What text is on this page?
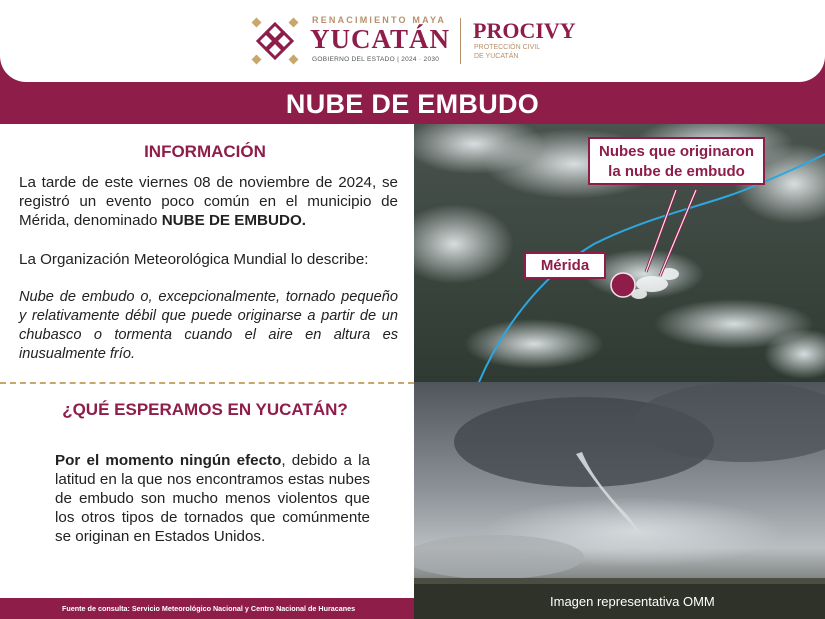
RENACIMIENTO MAYA
YUCATÁN
GOBIERNO DEL ESTADO | 2024 · 2030
PROCIVY
PROTECCIÓN CIVIL
DE YUCATÁN
NUBE DE EMBUDO
INFORMACIÓN
La tarde de este viernes 08 de noviembre de 2024, se registró un evento poco común en el municipio de Mérida, denominado NUBE DE EMBUDO.
La Organización Meteorológica Mundial lo describe:
Nube de embudo o, excepcionalmente, tornado pequeño y relativamente débil que puede originarse a partir de un chubasco o tormenta cuando el aire en altura es inusualmente frío.
¿QUÉ ESPERAMOS EN YUCATÁN?
Por el momento ningún efecto, debido a la latitud en la que nos encontramos estas nubes de embudo son mucho menos violentos que los otros tipos de tornados que comúnmente se originan en Estados Unidos.
Fuente de consulta: Servicio Meteorológico Nacional y Centro Nacional de Huracanes
Nubes que originaron
la nube de embudo
Mérida
Imagen representativa OMM
